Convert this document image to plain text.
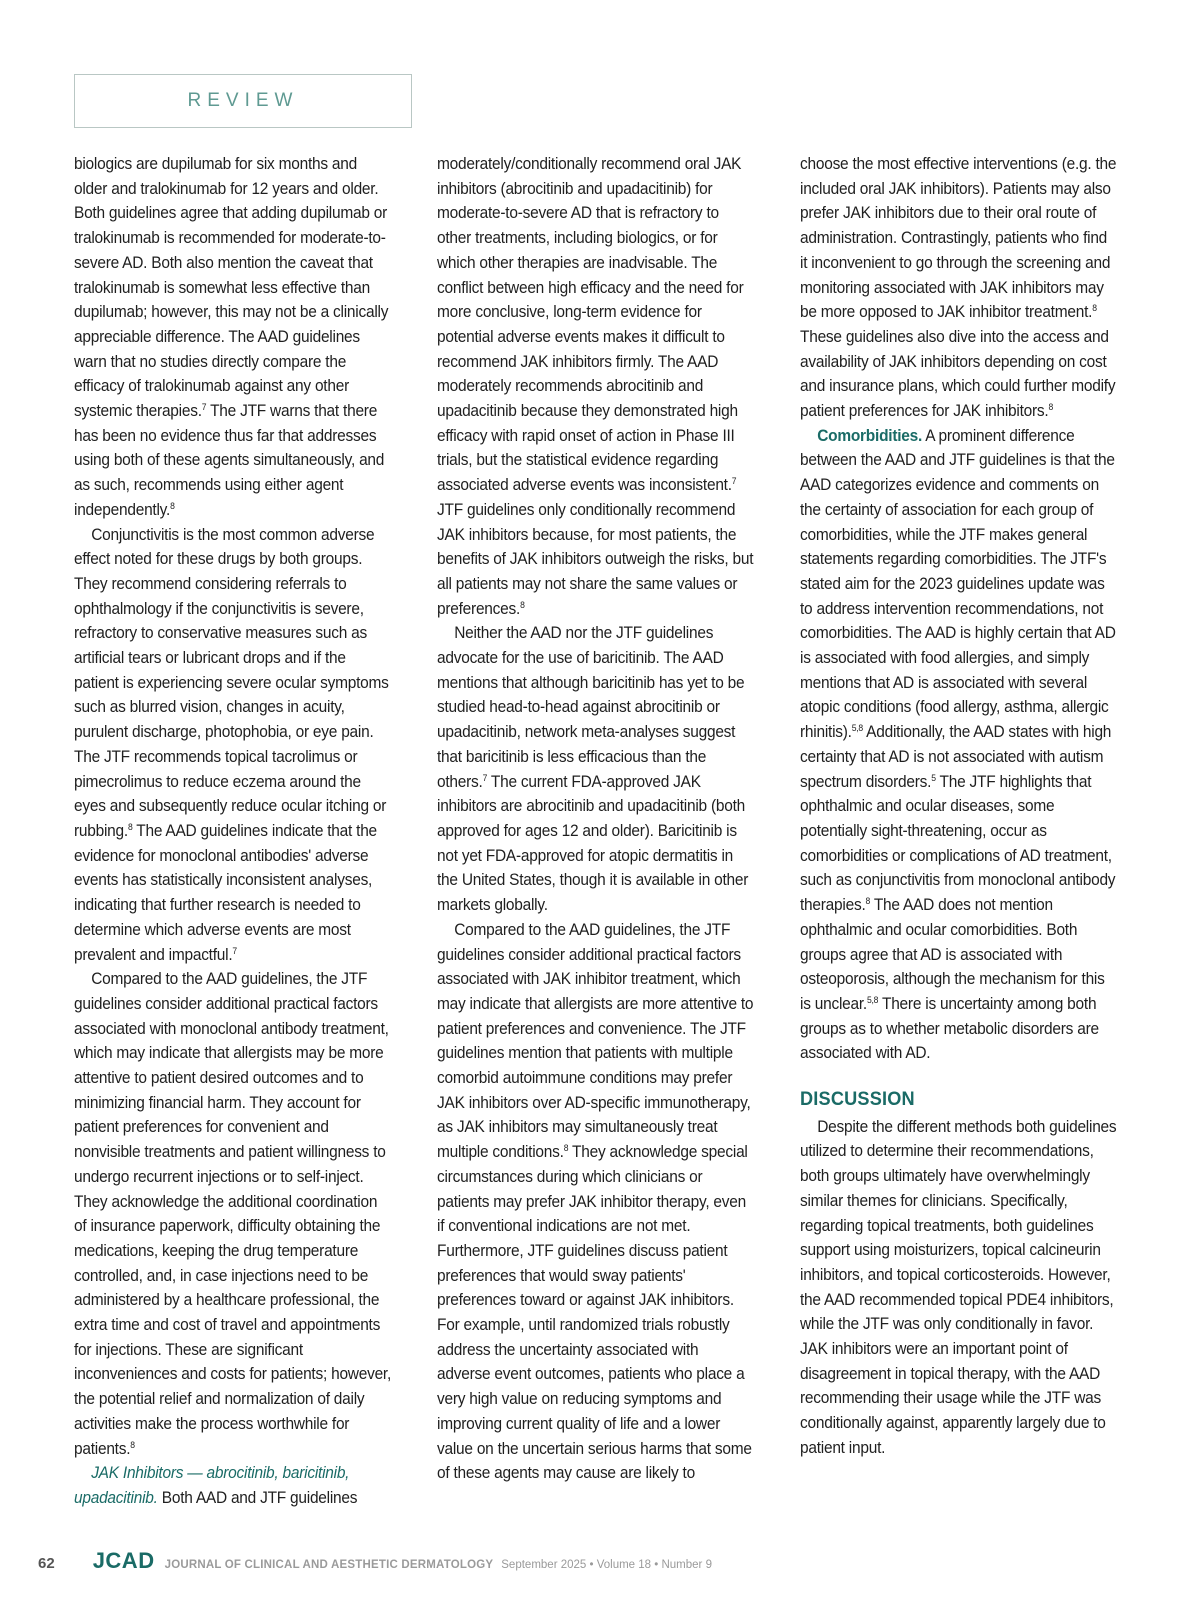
REVIEW

biologics are dupilumab for six months and older and tralokinumab for 12 years and older. Both guidelines agree that adding dupilumab or tralokinumab is recommended for moderate-to-severe AD. Both also mention the caveat that tralokinumab is somewhat less effective than dupilumab; however, this may not be a clinically appreciable difference. The AAD guidelines warn that no studies directly compare the efficacy of tralokinumab against any other systemic therapies.$^7$ The JTF warns that there has been no evidence thus far that addresses using both of these agents simultaneously, and as such, recommends using either agent independently.$^8$

Conjunctivitis is the most common adverse effect noted for these drugs by both groups. They recommend considering referrals to ophthalmology if the conjunctivitis is severe, refractory to conservative measures such as artificial tears or lubricant drops and if the patient is experiencing severe ocular symptoms such as blurred vision, changes in acuity, purulent discharge, photophobia, or eye pain. The JTF recommends topical tacrolimus or pimecrolimus to reduce eczema around the eyes and subsequently reduce ocular itching or rubbing.$^8$ The AAD guidelines indicate that the evidence for monoclonal antibodies' adverse events has statistically inconsistent analyses, indicating that further research is needed to determine which adverse events are most prevalent and impactful.$^7$

Compared to the AAD guidelines, the JTF guidelines consider additional practical factors associated with monoclonal antibody treatment, which may indicate that allergists may be more attentive to patient desired outcomes and to minimizing financial harm. They account for patient preferences for convenient and nonvisible treatments and patient willingness to undergo recurrent injections or to self-inject. They acknowledge the additional coordination of insurance paperwork, difficulty obtaining the medications, keeping the drug temperature controlled, and, in case injections need to be administered by a healthcare professional, the extra time and cost of travel and appointments for injections. These are significant inconveniences and costs for patients; however, the potential relief and normalization of daily activities make the process worthwhile for patients.$^8$

JAK Inhibitors — abrocitinib, baricitinib, upadacitinib. Both AAD and JTF guidelines

moderately/conditionally recommend oral JAK inhibitors (abrocitinib and upadacitinib) for moderate-to-severe AD that is refractory to other treatments, including biologics, or for which other therapies are inadvisable. The conflict between high efficacy and the need for more conclusive, long-term evidence for potential adverse events makes it difficult to recommend JAK inhibitors firmly. The AAD moderately recommends abrocitinib and upadacitinib because they demonstrated high efficacy with rapid onset of action in Phase III trials, but the statistical evidence regarding associated adverse events was inconsistent.$^7$ JTF guidelines only conditionally recommend JAK inhibitors because, for most patients, the benefits of JAK inhibitors outweigh the risks, but all patients may not share the same values or preferences.$^8$

Neither the AAD nor the JTF guidelines advocate for the use of baricitinib. The AAD mentions that although baricitinib has yet to be studied head-to-head against abrocitinib or upadacitinib, network meta-analyses suggest that baricitinib is less efficacious than the others.$^7$ The current FDA-approved JAK inhibitors are abrocitinib and upadacitinib (both approved for ages 12 and older). Baricitinib is not yet FDA-approved for atopic dermatitis in the United States, though it is available in other markets globally.

Compared to the AAD guidelines, the JTF guidelines consider additional practical factors associated with JAK inhibitor treatment, which may indicate that allergists are more attentive to patient preferences and convenience. The JTF guidelines mention that patients with multiple comorbid autoimmune conditions may prefer JAK inhibitors over AD-specific immunotherapy, as JAK inhibitors may simultaneously treat multiple conditions.$^8$ They acknowledge special circumstances during which clinicians or patients may prefer JAK inhibitor therapy, even if conventional indications are not met. Furthermore, JTF guidelines discuss patient preferences that would sway patients' preferences toward or against JAK inhibitors. For example, until randomized trials robustly address the uncertainty associated with adverse event outcomes, patients who place a very high value on reducing symptoms and improving current quality of life and a lower value on the uncertain serious harms that some of these agents may cause are likely to

choose the most effective interventions (e.g. the included oral JAK inhibitors). Patients may also prefer JAK inhibitors due to their oral route of administration. Contrastingly, patients who find it inconvenient to go through the screening and monitoring associated with JAK inhibitors may be more opposed to JAK inhibitor treatment.$^8$ These guidelines also dive into the access and availability of JAK inhibitors depending on cost and insurance plans, which could further modify patient preferences for JAK inhibitors.$^8$

Comorbidities. A prominent difference between the AAD and JTF guidelines is that the AAD categorizes evidence and comments on the certainty of association for each group of comorbidities, while the JTF makes general statements regarding comorbidities. The JTF's stated aim for the 2023 guidelines update was to address intervention recommendations, not comorbidities. The AAD is highly certain that AD is associated with food allergies, and simply mentions that AD is associated with several atopic conditions (food allergy, asthma, allergic rhinitis).$^{5,8}$ Additionally, the AAD states with high certainty that AD is not associated with autism spectrum disorders.$^5$ The JTF highlights that ophthalmic and ocular diseases, some potentially sight-threatening, occur as comorbidities or complications of AD treatment, such as conjunctivitis from monoclonal antibody therapies.$^8$ The AAD does not mention ophthalmic and ocular comorbidities. Both groups agree that AD is associated with osteoporosis, although the mechanism for this is unclear.$^{5,8}$ There is uncertainty among both groups as to whether metabolic disorders are associated with AD.

DISCUSSION

Despite the different methods both guidelines utilized to determine their recommendations, both groups ultimately have overwhelmingly similar themes for clinicians. Specifically, regarding topical treatments, both guidelines support using moisturizers, topical calcineurin inhibitors, and topical corticosteroids. However, the AAD recommended topical PDE4 inhibitors, while the JTF was only conditionally in favor. JAK inhibitors were an important point of disagreement in topical therapy, with the AAD recommending their usage while the JTF was conditionally against, apparently largely due to patient input.

62 JCAD JOURNAL OF CLINICAL AND AESTHETIC DERMATOLOGY September 2025 • Volume 18 • Number 9
